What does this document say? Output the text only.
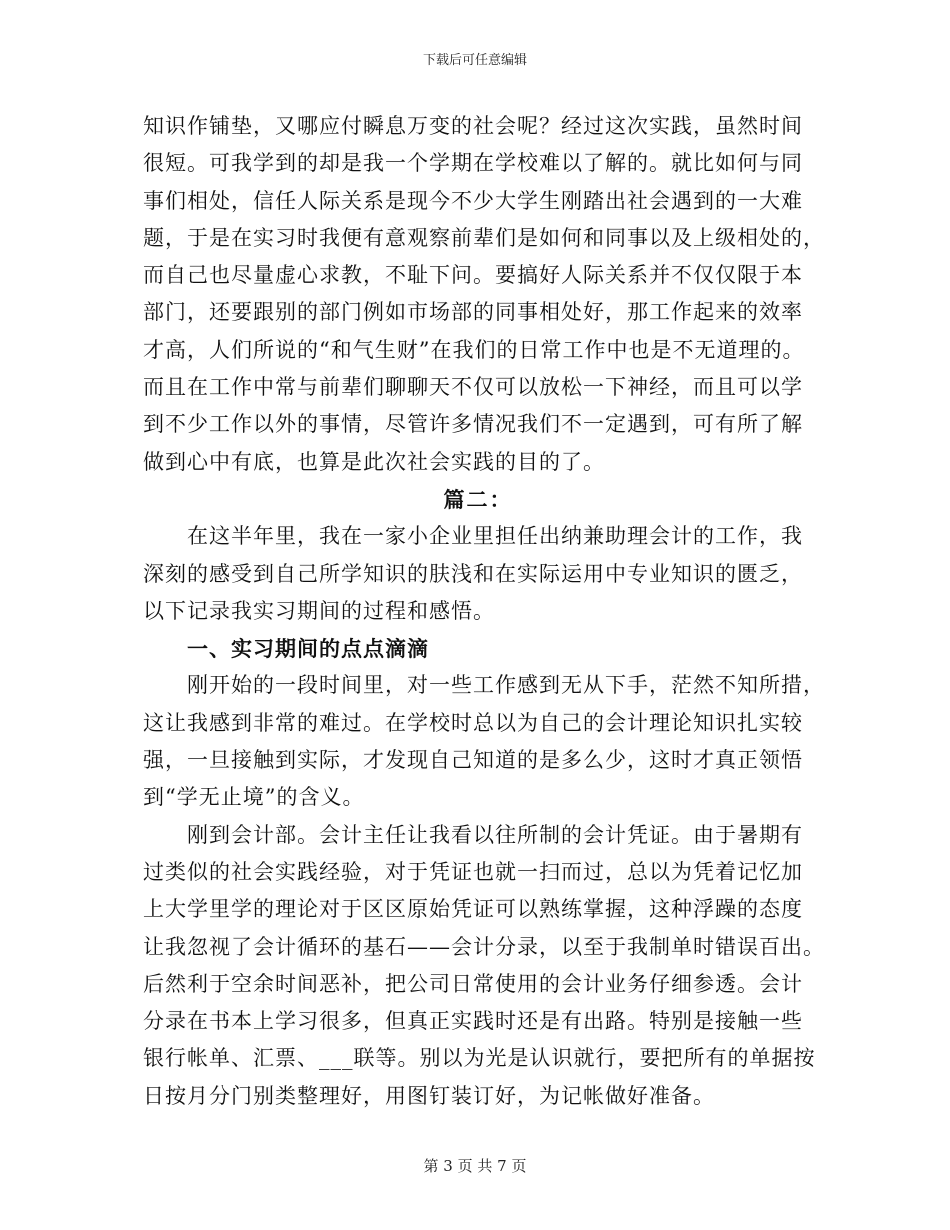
下载后可任意编辑

知识作铺垫，又哪应付瞬息万变的社会呢？经过这次实践，虽然时间

很短。可我学到的却是我一个学期在学校难以了解的。就比如何与同

事们相处，信任人际关系是现今不少大学生刚踏出社会遇到的一大难

题，于是在实习时我便有意观察前辈们是如何和同事以及上级相处的，

而自己也尽量虚心求教，不耻下问。要搞好人际关系并不仅仅限于本

部门，还要跟别的部门例如市场部的同事相处好，那工作起来的效率

才高，人们所说的“和气生财”在我们的日常工作中也是不无道理的。

而且在工作中常与前辈们聊聊天不仅可以放松一下神经，而且可以学

到不少工作以外的事情，尽管许多情况我们不一定遇到，可有所了解

做到心中有底，也算是此次社会实践的目的了。

篇二：

在这半年里，我在一家小企业里担任出纳兼助理会计的工作，我

深刻的感受到自己所学知识的肤浅和在实际运用中专业知识的匮乏，

以下记录我实习期间的过程和感悟。

一、实习期间的点点滴滴

刚开始的一段时间里，对一些工作感到无从下手，茫然不知所措，

这让我感到非常的难过。在学校时总以为自己的会计理论知识扎实较

强，一旦接触到实际，才发现自己知道的是多么少，这时才真正领悟

到“学无止境”的含义。

刚到会计部。会计主任让我看以往所制的会计凭证。由于暑期有

过类似的社会实践经验，对于凭证也就一扫而过，总以为凭着记忆加

上大学里学的理论对于区区原始凭证可以熟练掌握，这种浮躁的态度

让我忽视了会计循环的基石——会计分录，以至于我制单时错误百出。

后然利于空余时间恶补，把公司日常使用的会计业务仔细参透。会计

分录在书本上学习很多，但真正实践时还是有出路。特别是接触一些

银行帐单、汇票、___联等。别以为光是认识就行，要把所有的单据按

日按月分门别类整理好，用图钉装订好，为记帐做好准备。

第 3 页 共 7 页
